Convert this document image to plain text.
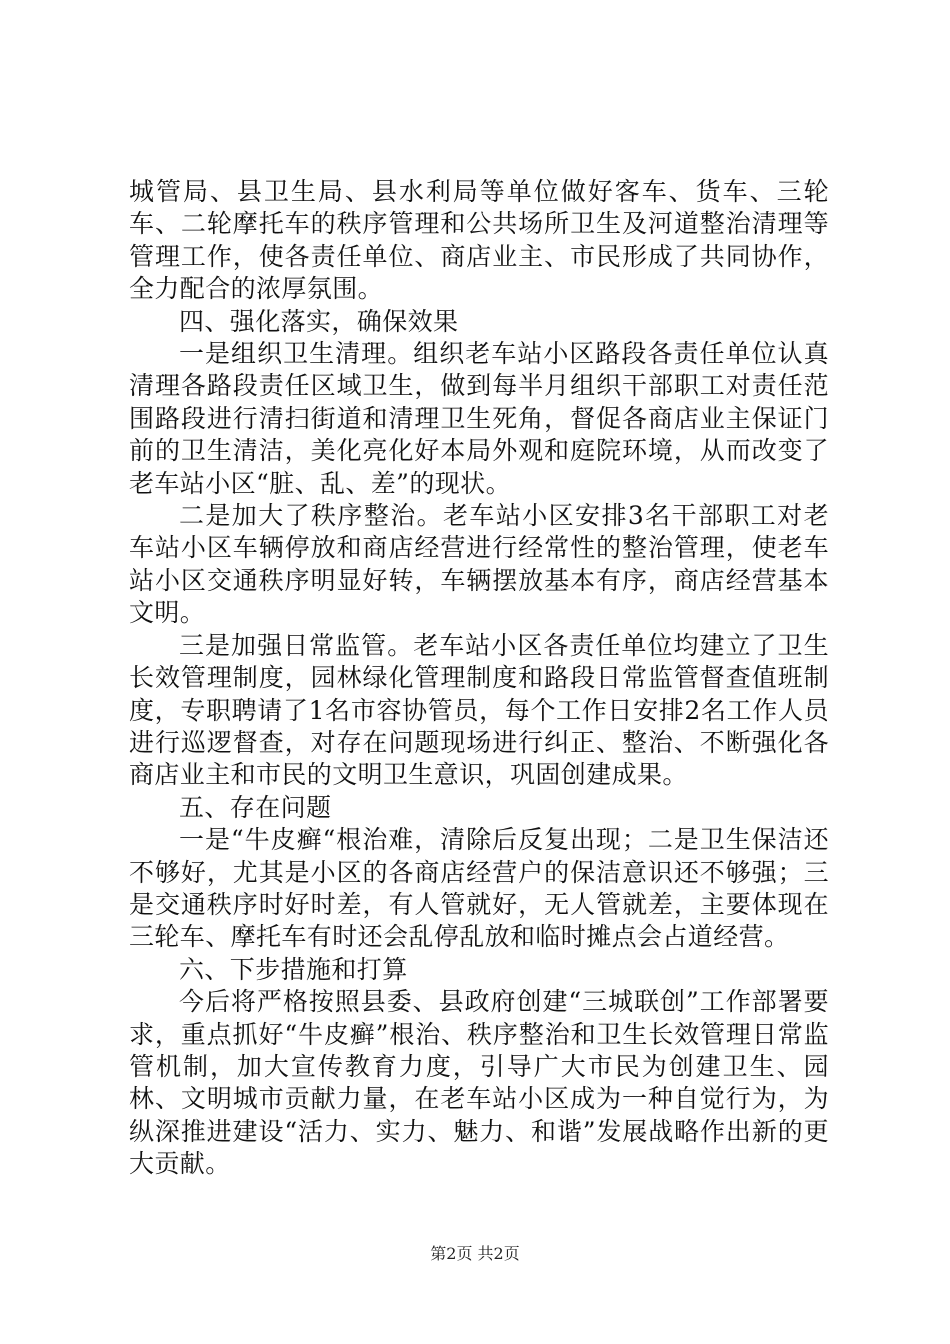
城管局、县卫生局、县水利局等单位做好客车、货车、三轮车、二轮摩托车的秩序管理和公共场所卫生及河道整治清理等管理工作，使各责任单位、商店业主、市民形成了共同协作，全力配合的浓厚氛围。

四、强化落实，确保效果

一是组织卫生清理。组织老车站小区路段各责任单位认真清理各路段责任区域卫生，做到每半月组织干部职工对责任范围路段进行清扫街道和清理卫生死角，督促各商店业主保证门前的卫生清洁，美化亮化好本局外观和庭院环境，从而改变了老车站小区“脏、乱、差”的现状。

二是加大了秩序整治。老车站小区安排3名干部职工对老车站小区车辆停放和商店经营进行经常性的整治管理，使老车站小区交通秩序明显好转，车辆摆放基本有序，商店经营基本文明。

三是加强日常监管。老车站小区各责任单位均建立了卫生长效管理制度，园林绿化管理制度和路段日常监管督查值班制度，专职聘请了1名市容协管员，每个工作日安排2名工作人员进行巡逻督查，对存在问题现场进行纠正、整治、不断强化各商店业主和市民的文明卫生意识，巩固创建成果。

五、存在问题

一是“牛皮癣“根治难，清除后反复出现；二是卫生保洁还不够好，尤其是小区的各商店经营户的保洁意识还不够强；三是交通秩序时好时差，有人管就好，无人管就差，主要体现在三轮车、摩托车有时还会乱停乱放和临时摊点会占道经营。

六、下步措施和打算

今后将严格按照县委、县政府创建“三城联创”工作部署要求，重点抓好“牛皮癣”根治、秩序整治和卫生长效管理日常监管机制，加大宣传教育力度，引导广大市民为创建卫生、园林、文明城市贡献力量，在老车站小区成为一种自觉行为，为纵深推进建设“活力、实力、魅力、和谐”发展战略作出新的更大贡献。

第2页 共2页
